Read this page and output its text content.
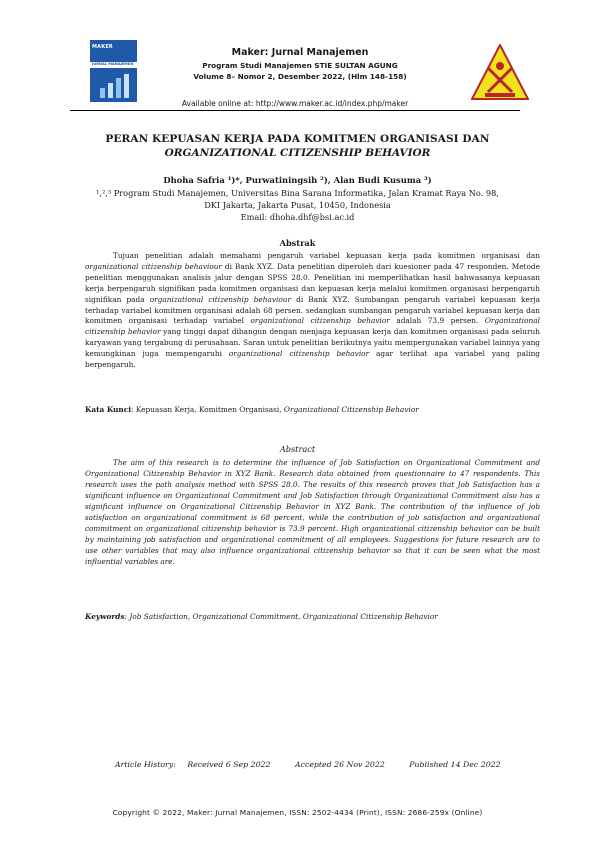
MAKER
JURNAL MANAJEMEN
Maker: Jurnal Manajemen
Program Studi Manajemen STIE SULTAN AGUNG
Volume 8– Nomor 2, Desember 2022, (Hlm 148-158)
Available online at: http://www.maker.ac.id/index.php/maker
PERAN KEPUASAN KERJA PADA KOMITMEN ORGANISASI DAN
ORGANIZATIONAL CITIZENSHIP BEHAVIOR
Dhoha Safria ¹)*, Purwatiningsih ²), Alan Budi Kusuma ³)
¹,²,³ Program Studi Manajemen, Universitas Bina Sarana Informatika, Jalan Kramat Raya No. 98,
DKI Jakarta, Jakarta Pusat, 10450, Indonesia
Email: dhoha.dhf@bsi.ac.id
Abstrak

Tujuan penelitian adalah memahami pengaruh variabel kepuasan kerja pada komitmen organisasi dan organizational citizenship behaviour di Bank XYZ. Data penelitian diperoleh dari kuesioner pada 47 responden. Metode penelitian menggunakan analisis jalur dengan SPSS 28.0. Penelitian ini memperlihatkan hasil bahwasanya kepuasan kerja berpengaruh signifikan pada komitmen organisasi dan kepuasan kerja melalui komitmen organisasi berpengaruh signifikan pada organizational citizenship behaviour di Bank XYZ. Sumbangan pengaruh variabel kepuasan kerja terhadap variabel komitmen organisasi adalah 68 persen. sedangkan sumbangan pengaruh variabel kepuasan kerja dan komitmen organisasi terhadap variabel organizational citizenship behavior adalah 73,9 persen. Organizational citizenship behavior yang tinggi dapat dibangun dengan menjaga kepuasan kerja dan komitmen organisasi pada seluruh karyawan yang tergabung di perusahaan. Saran untuk penelitian berikutnya yaitu mempergunakan variabel lainnya yang kemungkinan juga mempengaruhi organizational citizenship behavior agar terlihat apa variabel yang paling berpengaruh.

Kata Kunci: Kepuasan Kerja, Komitmen Organisasi, Organizational Citizenship Behavior
Abstract

The aim of this research is to determine the influence of Job Satisfaction on Organizational Commitment and Organizational Citizenship Behavior in XYZ Bank. Research data obtained from questionnaire to 47 respondents. This research uses the path analysis method with SPSS 28.0. The results of this research proves that Job Satisfaction has a significant influence on Organizational Commitment and Job Satisfaction through Organizational Commitment also has a significant influence on Organizational Citizenship Behavior in XYZ Bank. The contribution of the influence of job satisfaction on organizational commitment is 68 percent, while the contribution of job satisfaction and organizational commitment on organizational citizenship behavior is 73.9 percent. High organizational citizenship behavior can be built by maintaining job satisfaction and organizational commitment of all employees. Suggestions for future research are to use other variables that may also influence organizational citizenship behavior so that it can be seen what the most influential variables are.

Keywords: Job Satisfaction, Organizational Commitment, Organizational Citizenship Behavior
Article History: Received 6 Sep 2022	Accepted 26 Nov 2022	Published 14 Dec 2022
Copyright © 2022, Maker: Jurnal Manajemen, ISSN: 2502-4434 (Print), ISSN: 2686-259x (Online)
